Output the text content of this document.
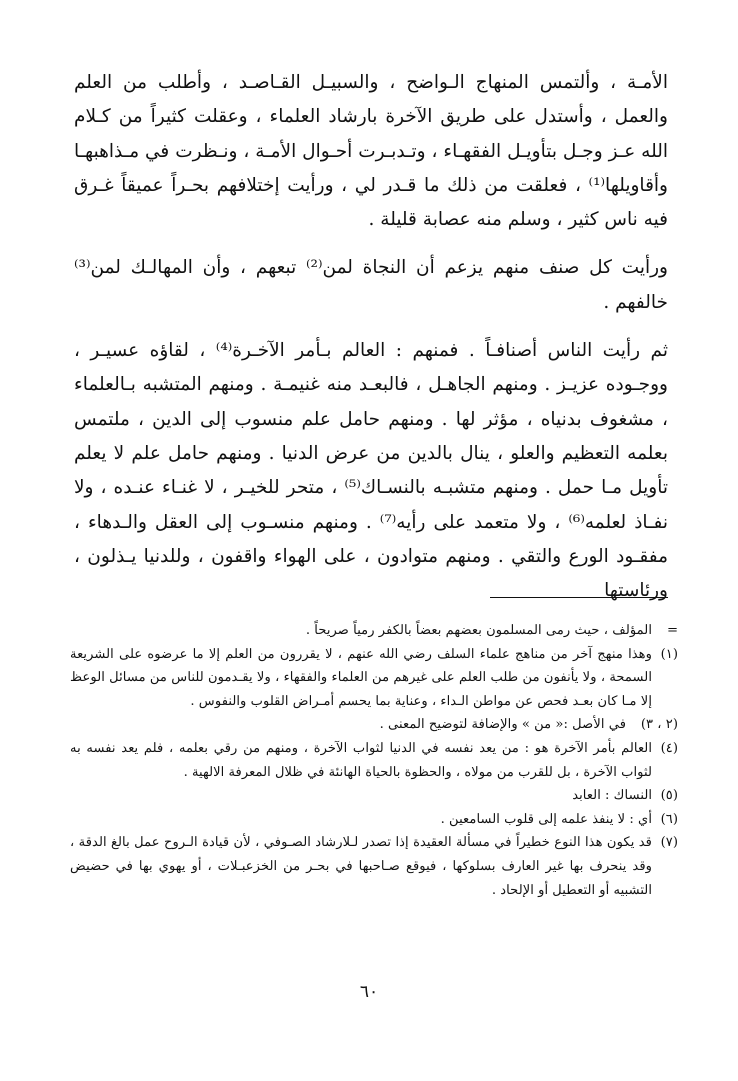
الأمـة ، وألتمس المنهاج الـواضح ، والسبيـل القـاصـد ، وأطلب من العلم والعمل ، وأستدل على طريق الآخرة بارشاد العلماء ، وعقلت كثيراً من كـلام الله عـز وجـل بتأويـل الفقهـاء ، وتـدبـرت أحـوال الأمـة ، ونـظرت في مـذاهبهـا وأقاويلها⁽¹⁾ ، فعلقت من ذلك ما قـدر لي ، ورأيت إختلافهم بحـراً عميقاً غـرق فيه ناس كثير ، وسلم منه عصابة قليلة .

ورأيت كل صنف منهم يزعم أن النجاة لمن⁽²⁾ تبعهم ، وأن المهالـك لمن⁽³⁾ خالفهم .

ثم رأيت الناس أصنافـاً . فمنهم : العالم بـأمر الآخـرة⁽⁴⁾ ، لقاؤه عسيـر ، ووجـوده عزيـز . ومنهم الجاهـل ، فالبعـد منه غنيمـة . ومنهم المتشبه بـالعلماء ، مشغوف بدنياه ، مؤثر لها . ومنهم حامل علم منسوب إلى الدين ، ملتمس بعلمه التعظيم والعلو ، ينال بالدين من عرض الدنيا . ومنهم حامل علم لا يعلم تأويل مـا حمل . ومنهم متشبـه بالنسـاك⁽⁵⁾ ، متحر للخيـر ، لا غنـاء عنـده ، ولا نفـاذ لعلمه⁽⁶⁾ ، ولا متعمد على رأيه⁽⁷⁾ . ومنهم منسـوب إلى العقل والـدهاء ، مفقـود الورع والتقي . ومنهم متوادون ، على الهواء واقفون ، وللدنيا يـذلون ، ورئاستها

=
المؤلف ، حيث رمى المسلمون بعضهم بعضاً بالكفر رمياً صريحاً .
(١)
وهذا منهج آخر من مناهج علماء السلف رضي الله عنهم ، لا يقررون من العلم إلا ما عرضوه على الشريعة السمحة ، ولا يأنفون من طلب العلم على غيرهم من العلماء والفقهاء ، ولا يقـدمون للناس من مسائل الوعظ إلا مـا كان بعـد فحص عن مواطن الـداء ، وعناية بما يحسم أمـراض القلوب والنفوس .
(٢ ، ٣)
في الأصل :« من » والإضافة لتوضيح المعنى .
(٤)
العالم بأمر الآخرة هو : من يعد نفسه في الدنيا لثواب الآخرة ، ومنهم من رقي بعلمه ، فلم يعد نفسه به لثواب الآخرة ، بل للقرب من مولاه ، والحظوة بالحياة الهانئة في ظلال المعرفة الالهية .
(٥)
النساك : العابد
(٦)
أي : لا ينفذ علمه إلى قلوب السامعين .
(٧)
قد يكون هذا النوع خطيراً في مسألة العقيدة إذا تصدر لـلارشاد الصـوفي ، لأن قيادة الـروح عمل بالغ الدقة ، وقد ينحرف بها غير العارف بسلوكها ، فيوقع صـاحبها في بحـر من الخزعبـلات ، أو يهوي بها في حضيض التشبيه أو التعطيل أو الإلحاد .
٦٠
